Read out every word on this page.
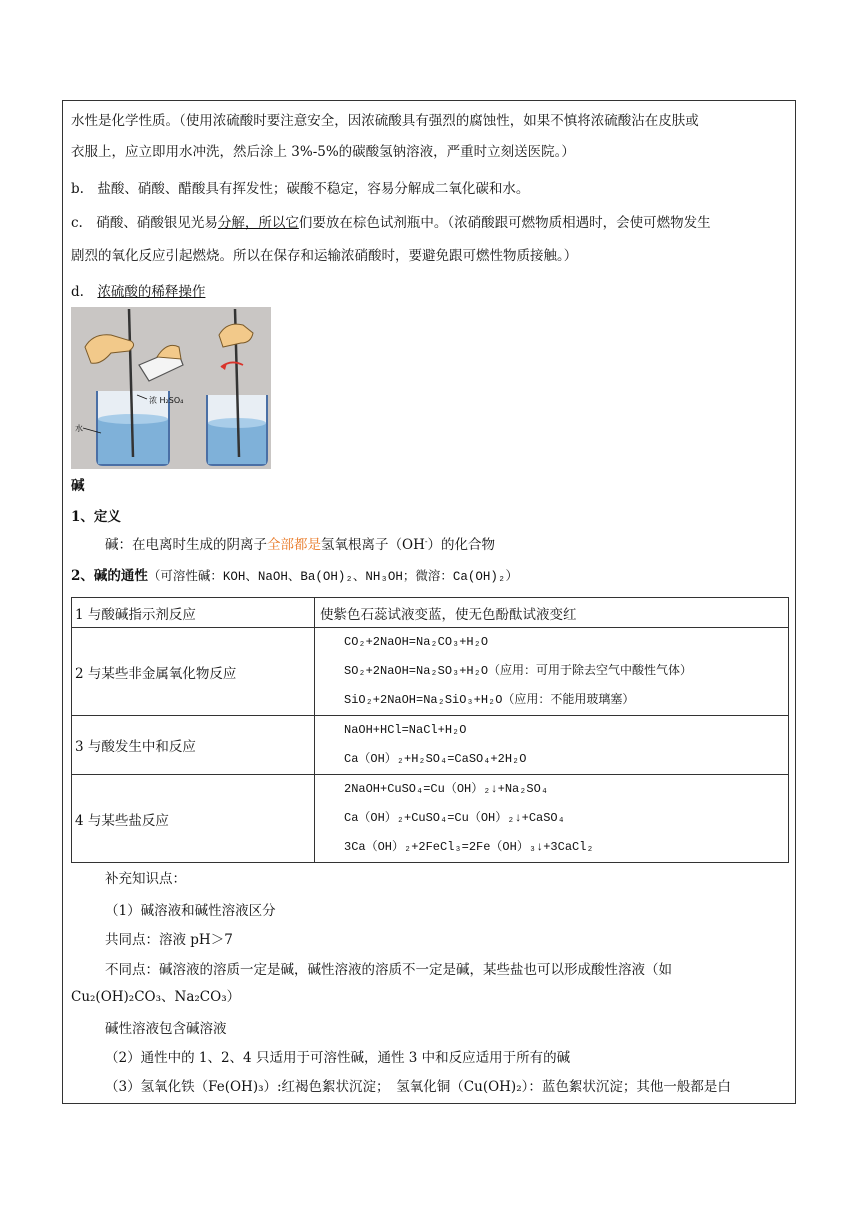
水性是化学性质。（使用浓硫酸时要注意安全，因浓硫酸具有强烈的腐蚀性，如果不慎将浓硫酸沾在皮肤或
衣服上，应立即用水冲洗，然后涂上 3%-5%的碳酸氢钠溶液，严重时立刻送医院。）
b.　盐酸、硝酸、醋酸具有挥发性；碳酸不稳定，容易分解成二氧化碳和水。
c.　硝酸、硝酸银见光易分解，所以它们要放在棕色试剂瓶中。（浓硝酸跟可燃物质相遇时，会使可燃物发生
剧烈的氧化反应引起燃烧。所以在保存和运输浓硝酸时，要避免跟可燃性物质接触。）
d.　浓硫酸的稀释操作
浓 H₂SO₄
水
碱
1、定义
碱：在电离时生成的阴离子全部都是氢氧根离子（OH-）的化合物
2、碱的通性（可溶性碱：KOH、NaOH、Ba(OH)₂、NH₃OH；微溶：Ca(OH)₂）
1 与酸碱指示剂反应	使紫色石蕊试液变蓝，使无色酚酞试液变红

2 与某些非金属氧化物反应	CO₂+2NaOH=Na₂CO₃+H₂O
SO₂+2NaOH=Na₂SO₃+H₂O（应用：可用于除去空气中酸性气体）
SiO₂+2NaOH=Na₂SiO₃+H₂O（应用：不能用玻璃塞）

3 与酸发生中和反应	NaOH+HCl=NaCl+H₂O
Ca（OH）₂+H₂SO₄=CaSO₄+2H₂O

4 与某些盐反应	2NaOH+CuSO₄=Cu（OH）₂↓+Na₂SO₄
Ca（OH）₂+CuSO₄=Cu（OH）₂↓+CaSO₄
3Ca（OH）₂+2FeCl₃=2Fe（OH）₃↓+3CaCl₂
补充知识点：
（1）碱溶液和碱性溶液区分
共同点：溶液 pH＞7
不同点：碱溶液的溶质一定是碱，碱性溶液的溶质不一定是碱，某些盐也可以形成酸性溶液（如
Cu₂(OH)₂CO₃、Na₂CO₃）
碱性溶液包含碱溶液
（2）通性中的 1、2、4 只适用于可溶性碱，通性 3 中和反应适用于所有的碱
（3）氢氧化铁（Fe(OH)₃）:红褐色絮状沉淀；　氢氧化铜（Cu(OH)₂）：蓝色絮状沉淀；其他一般都是白
